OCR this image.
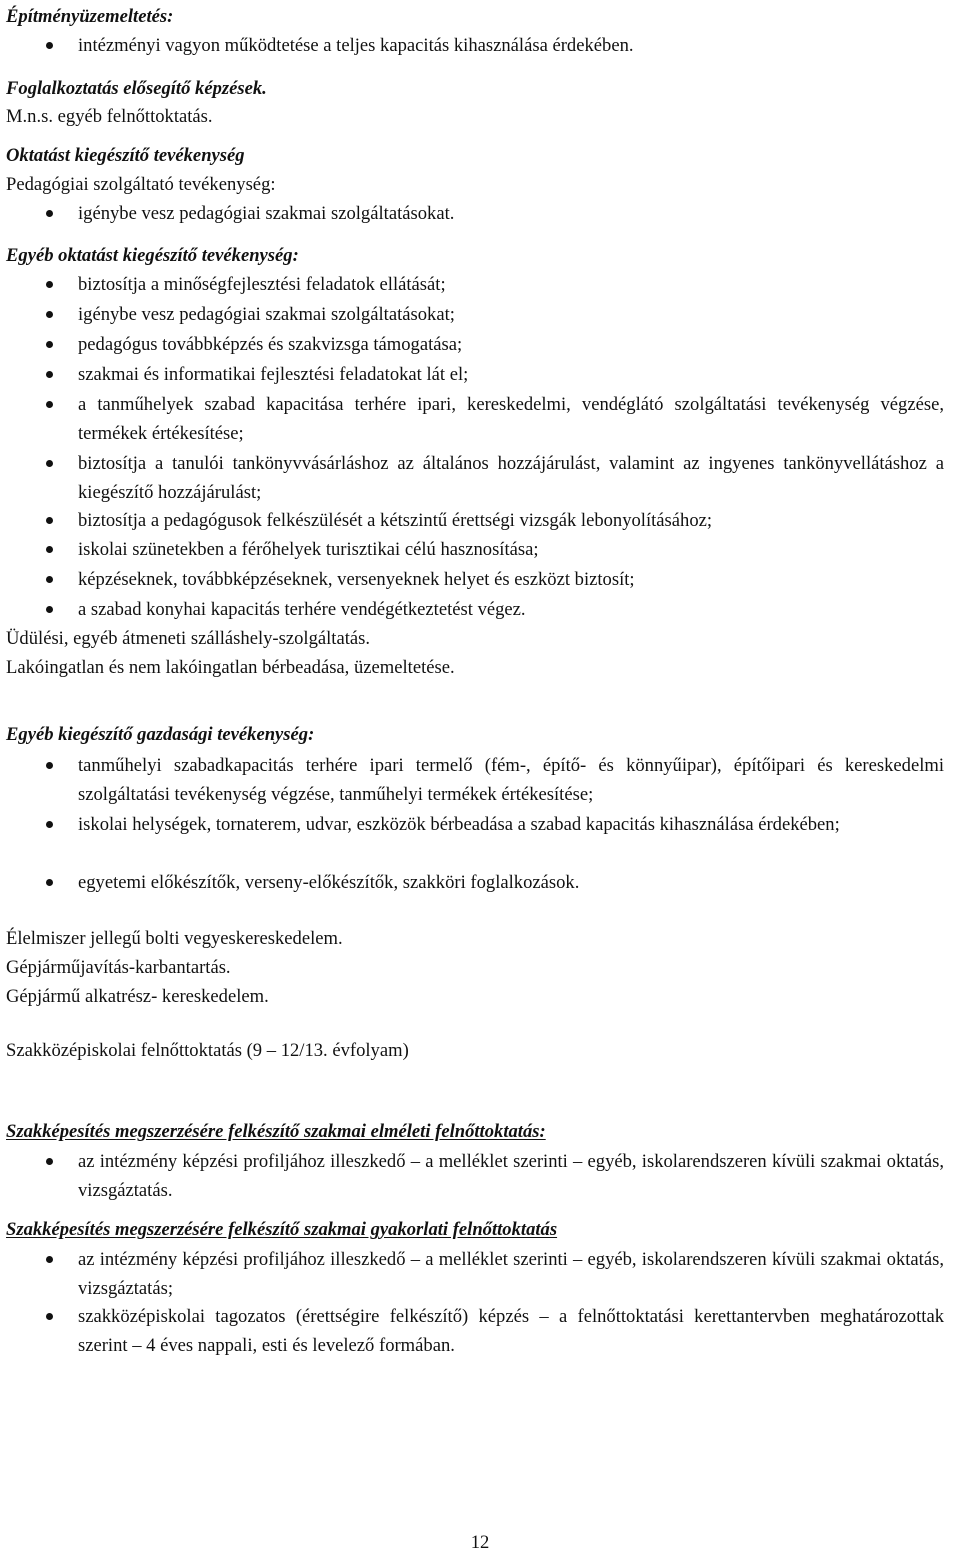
Építményüzemeltetés:
intézményi vagyon működtetése a teljes kapacitás kihasználása érdekében.
Foglalkoztatás elősegítő képzések.
M.n.s. egyéb felnőttoktatás.
Oktatást kiegészítő tevékenység
Pedagógiai szolgáltató tevékenység:
igénybe vesz pedagógiai szakmai szolgáltatásokat.
Egyéb oktatást kiegészítő tevékenység:
biztosítja a minőségfejlesztési feladatok ellátását;
igénybe vesz pedagógiai szakmai szolgáltatásokat;
pedagógus továbbképzés és szakvizsga támogatása;
szakmai és informatikai fejlesztési feladatokat lát el;
a tanműhelyek szabad kapacitása terhére ipari, kereskedelmi, vendéglátó szolgáltatási tevékenység végzése, termékek értékesítése;
biztosítja a tanulói tankönyvvásárláshoz az általános hozzájárulást, valamint az ingyenes tankönyvellátáshoz a kiegészítő hozzájárulást;
biztosítja a pedagógusok felkészülését a kétszintű érettségi vizsgák lebonyolításához;
iskolai szünetekben a férőhelyek turisztikai célú hasznosítása;
képzéseknek, továbbképzéseknek, versenyeknek helyet és eszközt biztosít;
a szabad konyhai kapacitás terhére vendégétkeztetést végez.
Üdülési, egyéb átmeneti szálláshely-szolgáltatás.
Lakóingatlan és nem lakóingatlan bérbeadása, üzemeltetése.
Egyéb kiegészítő gazdasági tevékenység:
tanműhelyi szabadkapacitás terhére ipari termelő (fém-, építő- és könnyűipar), építőipari és kereskedelmi szolgáltatási tevékenység végzése, tanműhelyi termékek értékesítése;
iskolai helységek, tornaterem, udvar, eszközök bérbeadása a szabad kapacitás kihasználása érdekében;
egyetemi előkészítők, verseny-előkészítők, szakköri foglalkozások.
Élelmiszer jellegű bolti vegyeskereskedelem.
Gépjárműjavítás-karbantartás.
Gépjármű alkatrész- kereskedelem.
Szakközépiskolai felnőttoktatás (9 – 12/13. évfolyam)
Szakképesítés megszerzésére felkészítő szakmai elméleti felnőttoktatás:
az intézmény képzési profiljához illeszkedő – a melléklet szerinti – egyéb, iskolarendszeren kívüli szakmai oktatás, vizsgáztatás.
Szakképesítés megszerzésére felkészítő szakmai gyakorlati felnőttoktatás
az intézmény képzési profiljához illeszkedő – a melléklet szerinti – egyéb, iskolarendszeren kívüli szakmai oktatás, vizsgáztatás;
szakközépiskolai tagozatos (érettségire felkészítő) képzés – a felnőttoktatási kerettantervben meghatározottak szerint – 4 éves nappali, esti és levelező formában.
12
